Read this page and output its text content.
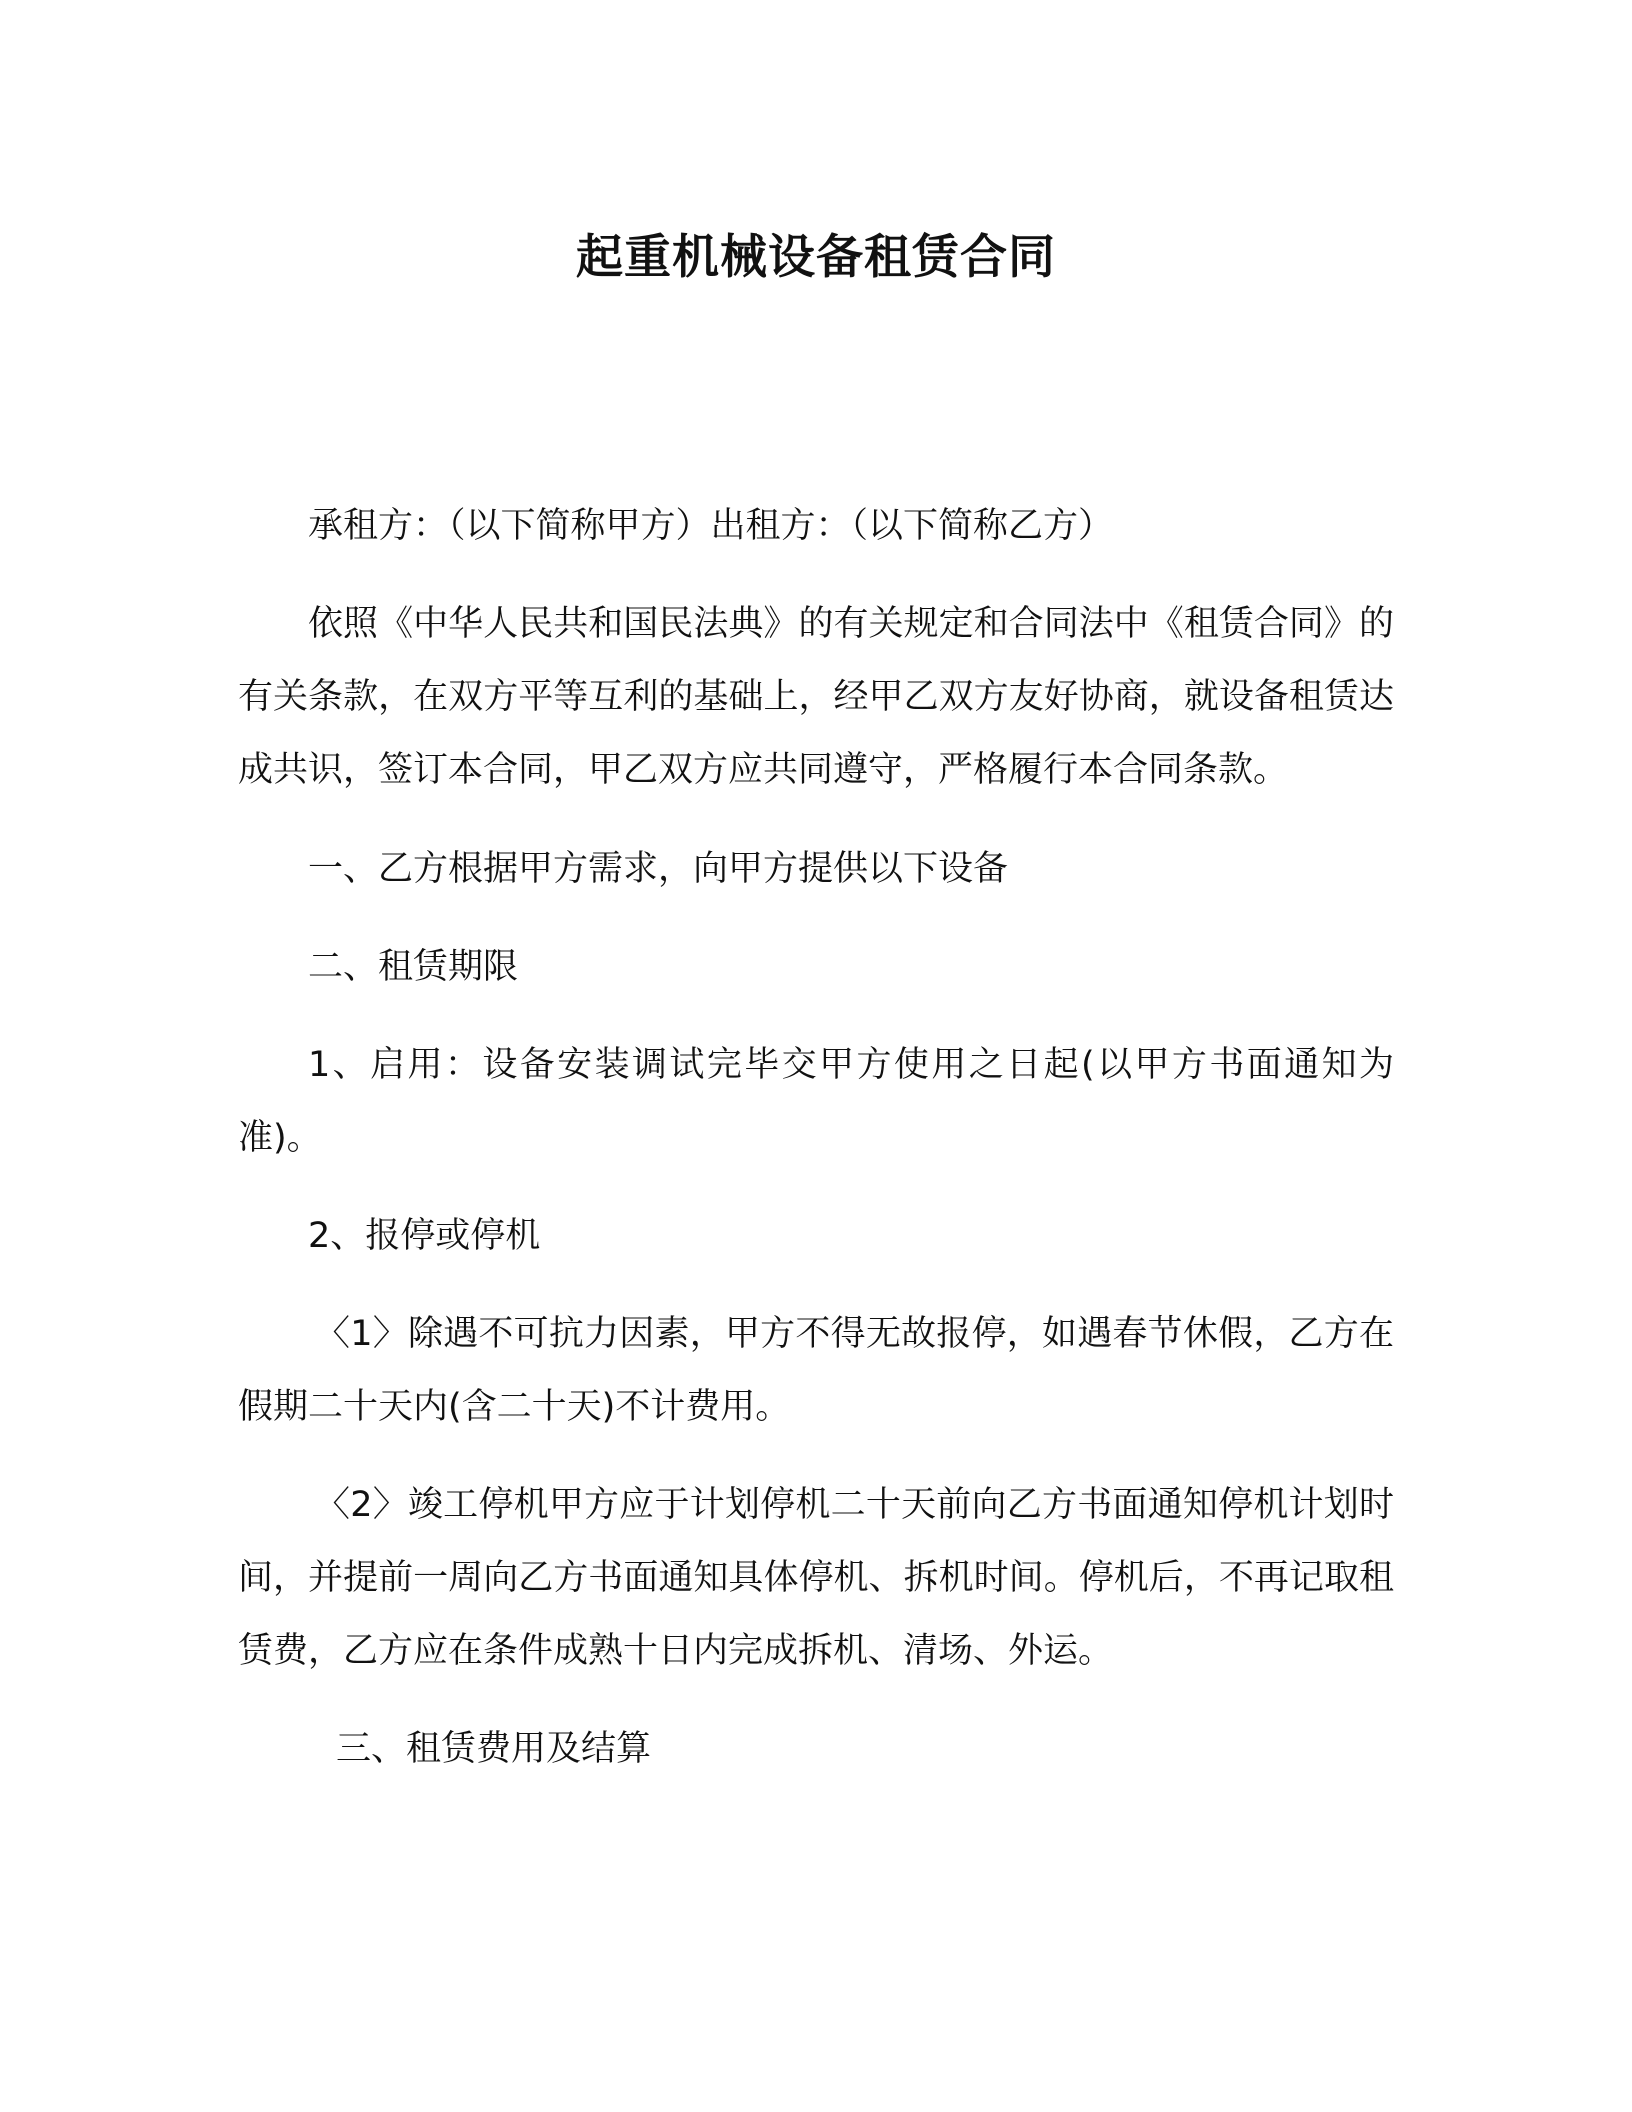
起重机械设备租赁合同

承租方：（以下简称甲方）出租方：（以下简称乙方）

依照《中华人民共和国民法典》的有关规定和合同法中《租赁合同》的有关条款，在双方平等互利的基础上，经甲乙双方友好协商，就设备租赁达成共识，签订本合同，甲乙双方应共同遵守，严格履行本合同条款。

一、乙方根据甲方需求，向甲方提供以下设备

二、租赁期限

1、启用：设备安装调试完毕交甲方使用之日起(以甲方书面通知为准)。

2、报停或停机

〈1〉除遇不可抗力因素，甲方不得无故报停，如遇春节休假，乙方在假期二十天内(含二十天)不计费用。

〈2〉竣工停机甲方应于计划停机二十天前向乙方书面通知停机计划时间，并提前一周向乙方书面通知具体停机、拆机时间。停机后，不再记取租赁费，乙方应在条件成熟十日内完成拆机、清场、外运。

三、租赁费用及结算
